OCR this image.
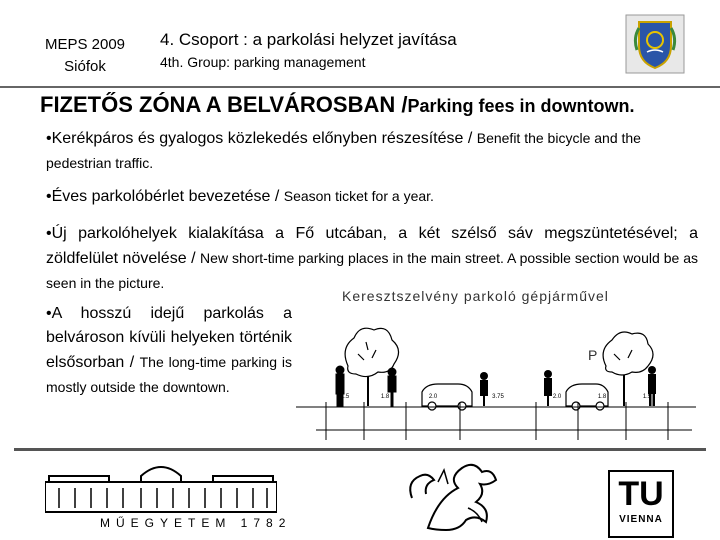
MEPS 2009
Siófok
4. Csoport : a parkolási helyzet javítása
4th. Group: parking management
FIZETŐS ZÓNA A BELVÁROSBAN /Parking fees in downtown.
•Kerékpáros és gyalogos közlekedés előnyben részesítése / Benefit the bicycle and the pedestrian traffic.
•Éves parkolóbérlet bevezetése / Season ticket for a year.
•Új parkolóhelyek kialakítása a Fő utcában, a két szélső sáv megszüntetésével; a zöldfelület növelése / New short-time parking places in the main street. A possible section would be as seen in the picture.
•A hosszú idejű parkolás a belvároson kívüli helyeken történik elsősorban / The long-time parking is mostly outside the downtown.
Keresztszelvény parkoló gépjárművel
P
1.5	1.8	2.0	3.75	2.0	1.8	1.5
MŰEGYETEM 1782
TU
VIENNA
